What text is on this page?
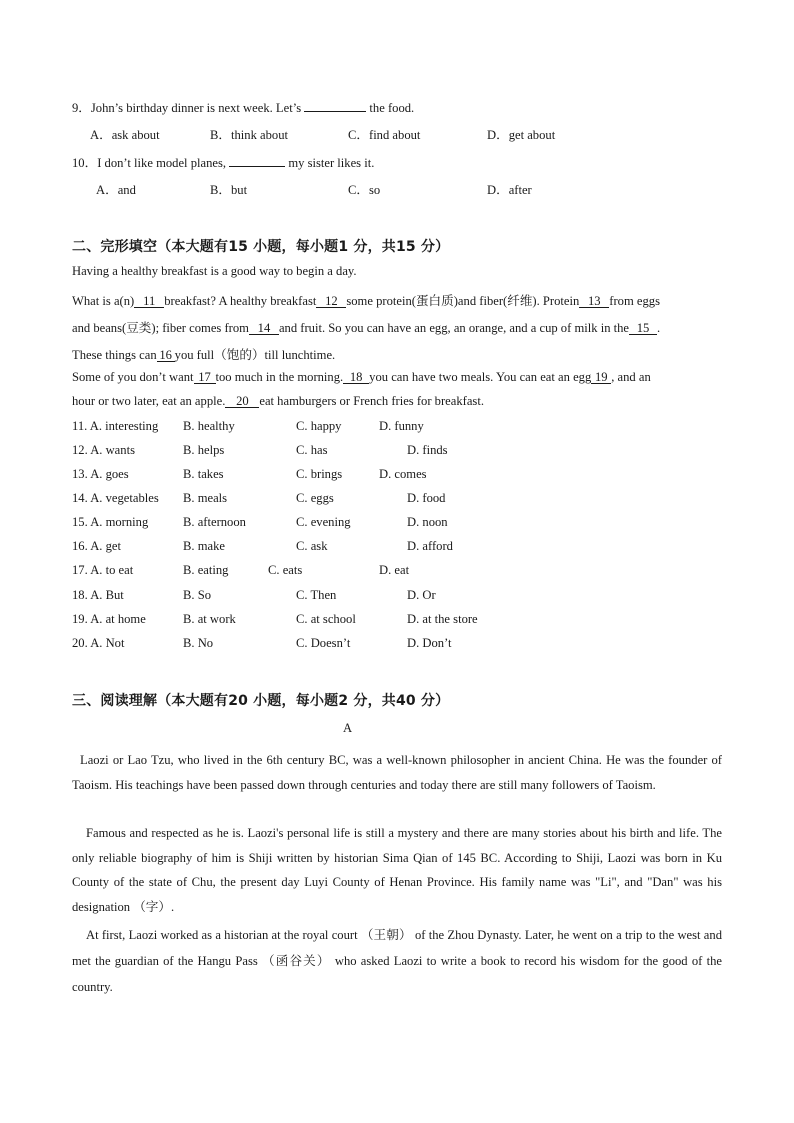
9．John’s birthday dinner is next week. Let’s	the food.
A．ask about	B．think about	C．find about	D．get about
10．I don’t like model planes,	my sister likes it.
A．and	B．but	C．so	D．after
二、完形填空（本大题有15 小题，每小题1 分，共15 分）
Having a healthy breakfast is a good way to begin a day.
What is a(n) 11 breakfast? A healthy breakfast 12 some protein(蛋白质)and fiber(纤维). Protein 13 from eggs
and beans(豆类); fiber comes from 14 and fruit. So you can have an egg, an orange, and a cup of milk in the 15 .
These things can 16 you full（饱的）till lunchtime.
Some of you don’t want 17 too much in the morning. 18 you can have two meals. You can eat an egg 19 , and an
hour or two later, eat an apple. 20 eat hamburgers or French fries for breakfast.
11. A. interesting B. healthy	C. happy	D. funny
12. A. wants	B. helps	C. has	D. finds
13. A. goes	B. takes	C. brings	D. comes
14. A. vegetables B. meals	C. eggs	D. food
15. A. morning	B. afternoon	C. evening	D. noon
16. A. get	B. make	C. ask	D. afford
17. A. to eat	B. eating	C. eats	D. eat
18. A. But	B. So	C. Then	D. Or
19. A. at home	B. at work	C. at school	D. at the store
20. A. Not	B. No	C. Doesn’t	D. Don’t
三、阅读理解（本大题有20 小题，每小题2 分，共40 分）
A
Laozi or Lao Tzu, who lived in the 6th century BC, was a well-known philosopher in ancient China. He was the founder of Taoism. His teachings have been passed down through centuries and today there are still many followers of Taoism.
Famous and respected as he is. Laozi's personal life is still a mystery and there are many stories about his birth and life. The only reliable biography of him is Shiji written by historian Sima Qian of 145 BC. According to Shiji, Laozi was born in Ku County of the state of Chu, the present day Luyi County of Henan Province. His family name was "Li", and "Dan" was his designation （字）.
At first, Laozi worked as a historian at the royal court （王朝） of the Zhou Dynasty. Later, he went on a trip to the west and met the guardian of the Hangu Pass （函谷关） who asked Laozi to write a book to record his wisdom for the good of the country.
